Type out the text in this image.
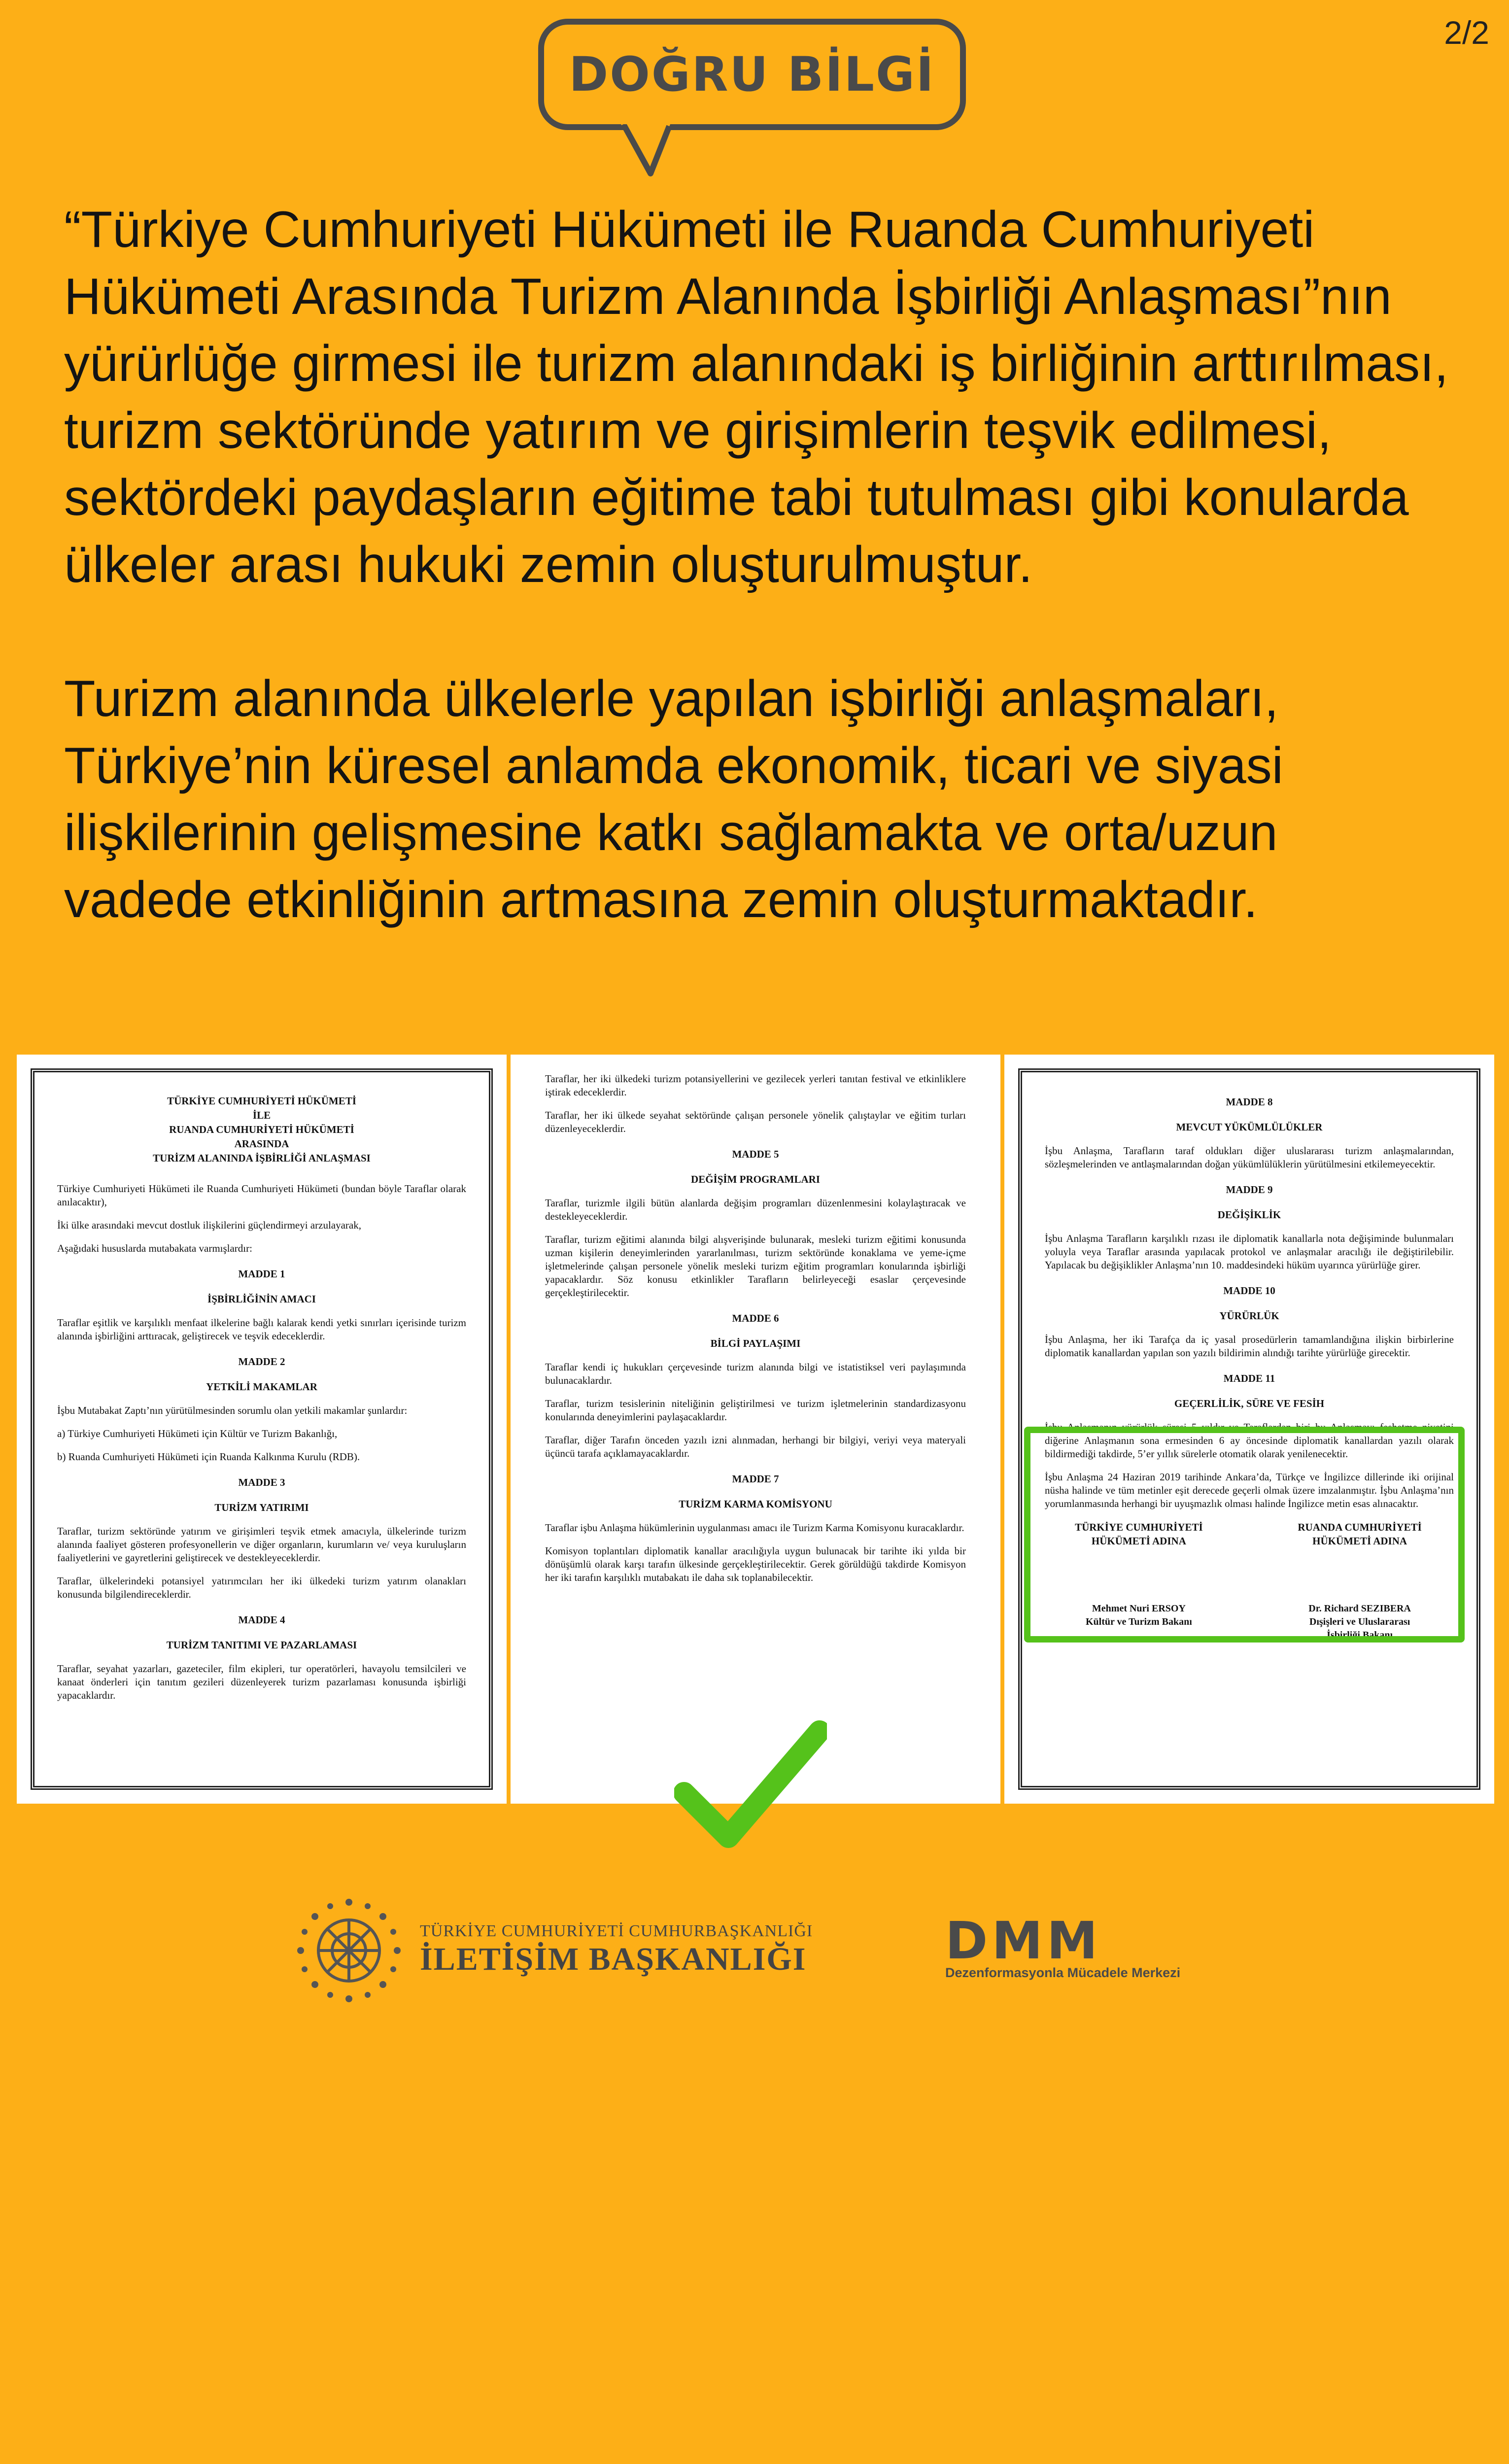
2/2
DOĞRU BİLGİ

“Türkiye Cumhuriyeti Hükümeti ile Ruanda Cumhuriyeti Hükümeti Arasında Turizm Alanında İşbirliği Anlaşması”nın yürürlüğe girmesi ile turizm alanındaki iş birliğinin arttırılması, turizm sektöründe yatırım ve girişimlerin teşvik edilmesi, sektördeki paydaşların eğitime tabi tutulması gibi konularda ülkeler arası hukuki zemin oluşturulmuştur.

Turizm alanında ülkelerle yapılan işbirliği anlaşmaları, Türkiye’nin küresel anlamda ekonomik, ticari ve siyasi ilişkilerinin gelişmesine katkı sağlamakta ve orta/uzun vadede etkinliğinin artmasına zemin oluşturmaktadır.

TÜRKİYE CUMHURİYETİ HÜKÜMETİ
İLE
RUANDA CUMHURİYETİ HÜKÜMETİ
ARASINDA
TURİZM ALANINDA İŞBİRLİĞİ ANLAŞMASI

Türkiye Cumhuriyeti Hükümeti ile Ruanda Cumhuriyeti Hükümeti (bundan böyle Taraflar olarak anılacaktır),

İki ülke arasındaki mevcut dostluk ilişkilerini güçlendirmeyi arzulayarak,

Aşağıdaki hususlarda mutabakata varmışlardır:

MADDE 1
İŞBİRLİĞİNİN AMACI

Taraflar eşitlik ve karşılıklı menfaat ilkelerine bağlı kalarak kendi yetki sınırları içerisinde turizm alanında işbirliğini arttıracak, geliştirecek ve teşvik edeceklerdir.

MADDE 2
YETKİLİ MAKAMLAR

İşbu Mutabakat Zaptı’nın yürütülmesinden sorumlu olan yetkili makamlar şunlardır:

a) Türkiye Cumhuriyeti Hükümeti için Kültür ve Turizm Bakanlığı,

b) Ruanda Cumhuriyeti Hükümeti için Ruanda Kalkınma Kurulu (RDB).

MADDE 3
TURİZM YATIRIMI

Taraflar, turizm sektöründe yatırım ve girişimleri teşvik etmek amacıyla, ülkelerinde turizm alanında faaliyet gösteren profesyonellerin ve diğer organların, kurumların ve/ veya kuruluşların faaliyetlerini ve gayretlerini geliştirecek ve destekleyeceklerdir.

Taraflar, ülkelerindeki potansiyel yatırımcıları her iki ülkedeki turizm yatırım olanakları konusunda bilgilendireceklerdir.

MADDE 4
TURİZM TANITIMI VE PAZARLAMASI

Taraflar, seyahat yazarları, gazeteciler, film ekipleri, tur operatörleri, havayolu temsilcileri ve kanaat önderleri için tanıtım gezileri düzenleyerek turizm pazarlaması konusunda işbirliği yapacaklardır.

Taraflar, her iki ülkedeki turizm potansiyellerini ve gezilecek yerleri tanıtan festival ve etkinliklere iştirak edeceklerdir.

Taraflar, her iki ülkede seyahat sektöründe çalışan personele yönelik çalıştaylar ve eğitim turları düzenleyeceklerdir.

MADDE 5
DEĞİŞİM PROGRAMLARI

Taraflar, turizmle ilgili bütün alanlarda değişim programları düzenlenmesini kolaylaştıracak ve destekleyeceklerdir.

Taraflar, turizm eğitimi alanında bilgi alışverişinde bulunarak, mesleki turizm eğitimi konusunda uzman kişilerin deneyimlerinden yararlanılması, turizm sektöründe konaklama ve yeme-içme işletmelerinde çalışan personele yönelik mesleki turizm eğitim programları konularında işbirliği yapacaklardır. Söz konusu etkinlikler Tarafların belirleyeceği esaslar çerçevesinde gerçekleştirilecektir.

MADDE 6
BİLGİ PAYLAŞIMI

Taraflar kendi iç hukukları çerçevesinde turizm alanında bilgi ve istatistiksel veri paylaşımında bulunacaklardır.

Taraflar, turizm tesislerinin niteliğinin geliştirilmesi ve turizm işletmelerinin standardizasyonu konularında deneyimlerini paylaşacaklardır.

Taraflar, diğer Tarafın önceden yazılı izni alınmadan, herhangi bir bilgiyi, veriyi veya materyali üçüncü tarafa açıklamayacaklardır.

MADDE 7
TURİZM KARMA KOMİSYONU

Taraflar işbu Anlaşma hükümlerinin uygulanması amacı ile Turizm Karma Komisyonu kuracaklardır.

Komisyon toplantıları diplomatik kanallar aracılığıyla uygun bulunacak bir tarihte iki yılda bir dönüşümlü olarak karşı tarafın ülkesinde gerçekleştirilecektir. Gerek görüldüğü takdirde Komisyon her iki tarafın karşılıklı mutabakatı ile daha sık toplanabilecektir.

MADDE 8
MEVCUT YÜKÜMLÜLÜKLER

İşbu Anlaşma, Tarafların taraf oldukları diğer uluslararası turizm anlaşmalarından, sözleşmelerinden ve antlaşmalarından doğan yükümlülüklerin yürütülmesini etkilemeyecektir.

MADDE 9
DEĞİŞİKLİK

İşbu Anlaşma Tarafların karşılıklı rızası ile diplomatik kanallarla nota değişiminde bulunmaları yoluyla veya Taraflar arasında yapılacak protokol ve anlaşmalar aracılığı ile değiştirilebilir. Yapılacak bu değişiklikler Anlaşma’nın 10. maddesindeki hüküm uyarınca yürürlüğe girer.

MADDE 10
YÜRÜRLÜK

İşbu Anlaşma, her iki Tarafça da iç yasal prosedürlerin tamamlandığına ilişkin birbirlerine diplomatik kanallardan yapılan son yazılı bildirimin alındığı tarihte yürürlüğe girecektir.

MADDE 11
GEÇERLİLİK, SÜRE VE FESİH

İşbu Anlaşmanın yürürlük süresi 5 yıldır ve Taraflardan biri bu Anlaşmayı feshetme niyetini diğerine Anlaşmanın sona ermesinden 6 ay öncesinde diplomatik kanallardan yazılı olarak bildirmediği takdirde, 5’er yıllık sürelerle otomatik olarak yenilenecektir.

İşbu Anlaşma 24 Haziran 2019 tarihinde Ankara’da, Türkçe ve İngilizce dillerinde iki orijinal nüsha halinde ve tüm metinler eşit derecede geçerli olmak üzere imzalanmıştır. İşbu Anlaşma’nın yorumlanmasında herhangi bir uyuşmazlık olması halinde İngilizce metin esas alınacaktır.

TÜRKİYE CUMHURİYETİ
HÜKÜMETİ ADINA
RUANDA CUMHURİYETİ
HÜKÜMETİ ADINA
Mehmet Nuri ERSOY
Kültür ve Turizm Bakanı
Dr. Richard SEZIBERA
Dışişleri ve Uluslararası
İşbirliği Bakanı
TÜRKİYE CUMHURİYETİ CUMHURBAŞKANLIĞI
İLETİŞİM BAŞKANLIĞI	DMM
Dezenformasyonla Mücadele Merkezi
